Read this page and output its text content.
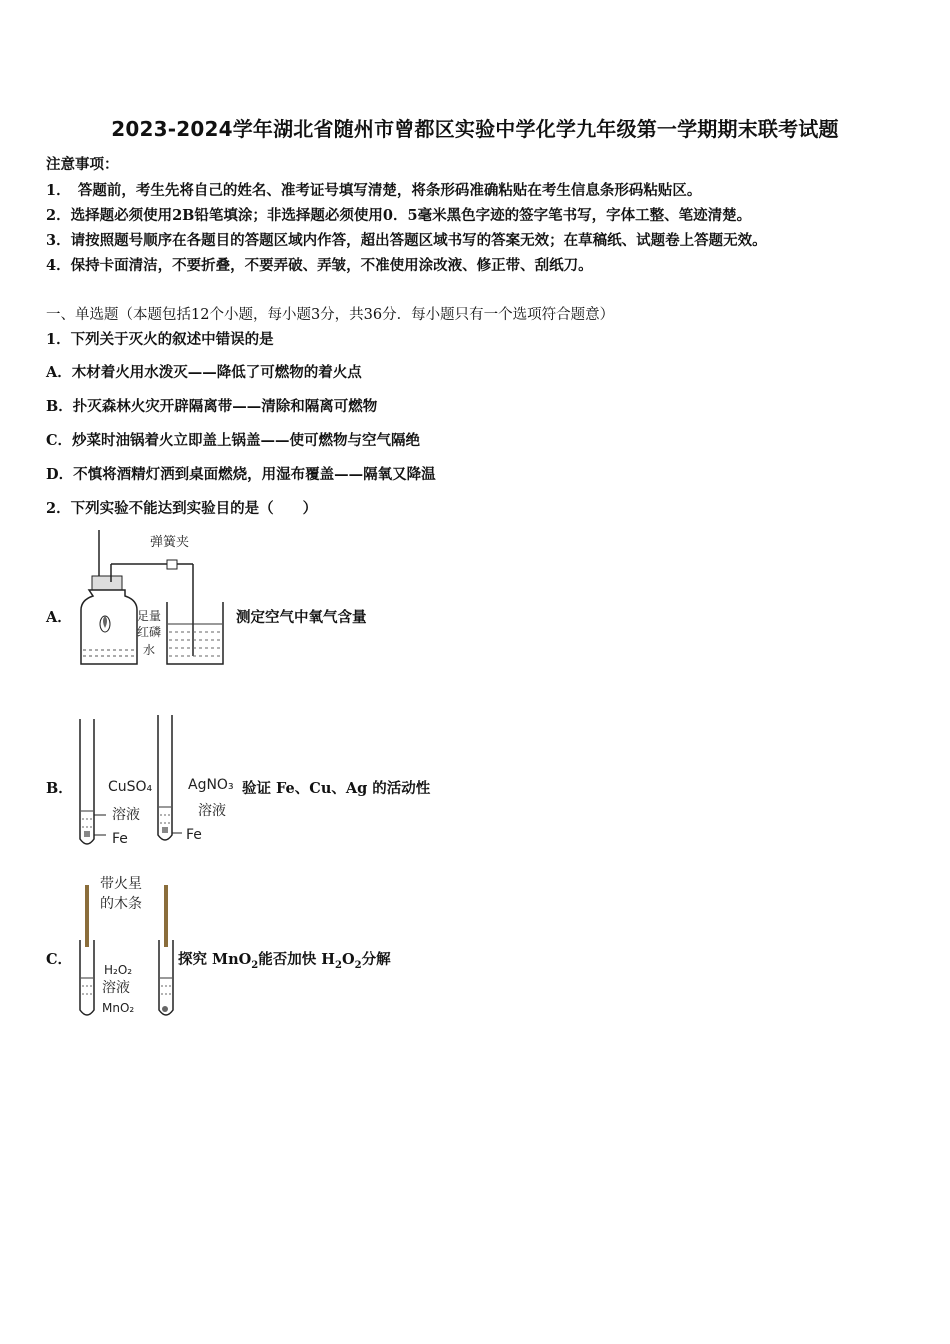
2023-2024学年湖北省随州市曾都区实验中学化学九年级第一学期期末联考试题
注意事项：
1．　答题前，考生先将自己的姓名、准考证号填写清楚，将条形码准确粘贴在考生信息条形码粘贴区。
2．选择题必须使用2B铅笔填涂；非选择题必须使用0．5毫米黑色字迹的签字笔书写，字体工整、笔迹清楚。
3．请按照题号顺序在各题目的答题区域内作答，超出答题区域书写的答案无效；在草稿纸、试题卷上答题无效。
4．保持卡面清洁，不要折叠，不要弄破、弄皱，不准使用涂改液、修正带、刮纸刀。
一、单选题（本题包括12个小题，每小题3分，共36分．每小题只有一个选项符合题意）
1．下列关于灭火的叙述中错误的是
A．木材着火用水泼灭——降低了可燃物的着火点
B．扑灭森林火灾开辟隔离带——清除和隔离可燃物
C．炒菜时油锅着火立即盖上锅盖——使可燃物与空气隔绝
D．不慎将酒精灯洒到桌面燃烧，用湿布覆盖——隔氧又降温
2．下列实验不能达到实验目的是（　　）
A．
弹簧夹
足量
红磷
水
测定空气中氧气含量
B．	CuSO₄
溶液
Fe
AgNO₃
溶液
Fe
验证 Fe、Cu、Ag 的活动性
C．
带火星
的木条
H₂O₂
溶液
MnO₂
探究 MnO$_2$能否加快 $H_2O_2$分解
